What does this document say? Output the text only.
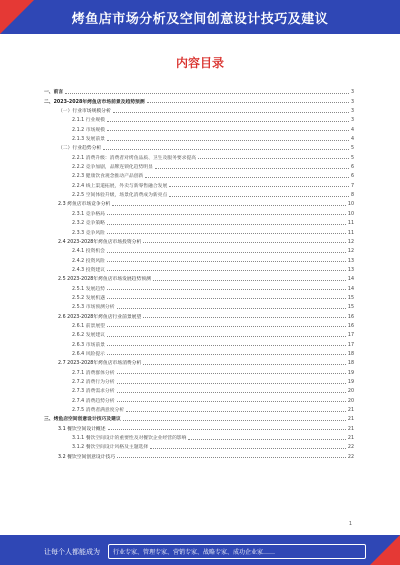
烤鱼店市场分析及空间创意设计技巧及建议
内容目录
一、前言	3
二、2023-2028年烤鱼店市场前景及趋势预测	3
（一）行业市场规模分析	3
2.1.1 行业规模	3
2.1.2 市场规模	4
2.1.3 发展前景	4
（二）行业趋势分析	5
2.2.1 消费升级：消费者对烤鱼品质、卫生及服务要求提高	5
2.2.2 竞争加剧，品牌连锁化趋势明显	6
2.2.3 健康饮食观念推动产品创新	6
2.2.4 线上渠道拓展，外卖与新零售融合发展	7
2.2.5 空间体验升级，场景化消费成为新亮点	8
2.3 烤鱼店市场竞争分析	10
2.3.1 竞争格局	10
2.3.2 竞争策略	11
2.3.3 竞争风险	11
2.4 2023-2028年烤鱼店市场投资分析	12
2.4.1 投资机会	12
2.4.2 投资风险	13
2.4.3 投资建议	13
2.5 2023-2028年烤鱼店市场发展趋势预测	14
2.5.1 发展趋势	14
2.5.2 发展机遇	15
2.5.3 市场预测分析	15
2.6 2023-2028年烤鱼店行业前景展望	16
2.6.1 前景展望	16
2.6.2 发展建议	17
2.6.3 市场前景	17
2.6.4 风险提示	18
2.7 2023-2028年烤鱼店市场消费分析	18
2.7.1 消费群体分析	19
2.7.2 消费行为分析	19
2.7.3 消费需求分析	20
2.7.4 消费趋势分析	20
2.7.5 消费者满意度分析	21
三、烤鱼店空间创意设计技巧及建议	21
3.1 餐饮空间设计概述	21
3.1.1 餐饮空间设计的重要性及对餐饮企业经营的影响	21
3.1.2 餐饮空间设计风格及主题选择	22
3.2 餐饮空间创意设计技巧	22
1
让每个人都能成为	行业专家、管理专家、营销专家、战略专家、成功企业家……
